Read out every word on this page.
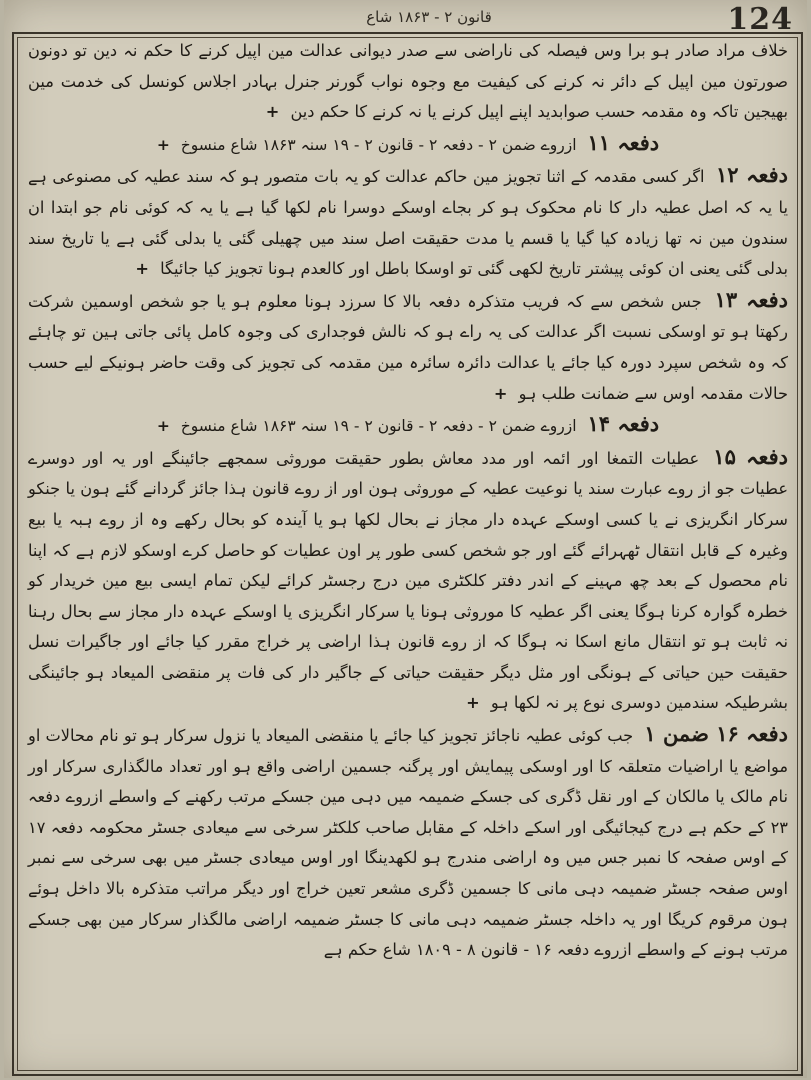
124
قانون ۲ - ۱۸۶۳ شاع

خلاف مراد صادر ہو برا وس فیصلہ کی ناراضی سے صدر دیوانی عدالت مین اپیل کرنے کا حکم نہ دین تو دونون صورتون مین اپیل کے دائر نہ کرنے کی کیفیت مع وجوہ نواب گورنر جنرل بہادر اجلاس کونسل کی خدمت مین بھیجین تاکہ وہ مقدمہ حسب صوابدید اپنے اپیل کرنے یا نہ کرنے کا حکم دین +

دفعہ ۱۱ ازروے ضمن ۲ - دفعہ ۲ - قانون ۲ - ۱۹ سنہ ۱۸۶۳ شاع منسوخ +

دفعہ ۱۲ اگر کسی مقدمہ کے اثنا تجویز مین حاکم عدالت کو یہ بات متصور ہو کہ سند عطیہ کی مصنوعی ہے یا یہ کہ اصل عطیہ دار کا نام محکوک ہو کر بجاے اوسکے دوسرا نام لکھا گیا ہے یا یہ کہ کوئی نام جو ابتدا ان سندون مین نہ تھا زیادہ کیا گیا یا قسم یا مدت حقیقت اصل سند میں چھیلی گئی یا بدلی گئی ہے یا تاریخ سند بدلی گئی یعنی ان کوئی پیشتر تاریخ لکھی گئی تو اوسکا باطل اور کالعدم ہونا تجویز کیا جائیگا +

دفعہ ۱۳ جس شخص سے کہ فریب متذکرہ دفعہ بالا کا سرزد ہونا معلوم ہو یا جو شخص اوسمین شرکت رکھتا ہو تو اوسکی نسبت اگر عدالت کی یہ راے ہو کہ نالش فوجداری کی وجوہ کامل پائی جاتی ہین تو چاہئے کہ وہ شخص سپرد دورہ کیا جائے یا عدالت دائرہ سائرہ مین مقدمہ کی تجویز کی وقت حاضر ہونیکے لیے حسب حالات مقدمہ اوس سے ضمانت طلب ہو +

دفعہ ۱۴ ازروے ضمن ۲ - دفعہ ۲ - قانون ۲ - ۱۹ سنہ ۱۸۶۳ شاع منسوخ +

دفعہ ۱۵ عطیات التمغا اور ائمہ اور مدد معاش بطور حقیقت موروثی سمجھے جائینگے اور یہ اور دوسرے عطیات جو از روے عبارت سند یا نوعیت عطیہ کے موروثی ہون اور از روے قانون ہذا جائز گردانے گئے ہون یا جنکو سرکار انگریزی نے یا کسی اوسکے عہدہ دار مجاز نے بحال لکھا ہو یا آیندہ کو بحال رکھے وہ از روے ہبہ یا بیع وغیرہ کے قابل انتقال ٹھہرائے گئے اور جو شخص کسی طور پر اون عطیات کو حاصل کرے اوسکو لازم ہے کہ اپنا نام محصول کے بعد چھ مہینے کے اندر دفتر کلکٹری مین درج رجسٹر کرائے لیکن تمام ایسی بیع مین خریدار کو خطرہ گوارہ کرنا ہوگا یعنی اگر عطیہ کا موروثی ہونا یا سرکار انگریزی یا اوسکے عہدہ دار مجاز سے بحال رہنا نہ ثابت ہو تو انتقال مانع اسکا نہ ہوگا کہ از روے قانون ہذا اراضی پر خراج مقرر کیا جائے اور جاگیرات نسل حقیقت حین حیاتی کے ہونگی اور مثل دیگر حقیقت حیاتی کے جاگیر دار کی فات پر منقضی المیعاد ہو جائینگی بشرطیکہ سندمین دوسری نوع پر نہ لکھا ہو +

دفعہ ۱۶ ضمن ۱ جب کوئی عطیہ ناجائز تجویز کیا جائے یا منقضی المیعاد یا نزول سرکار ہو تو نام محالات او مواضع یا اراضیات متعلقہ کا اور اوسکی پیمایش اور پرگنہ جسمین اراضی واقع ہو اور تعداد مالگذاری سرکار اور نام مالک یا مالکان کے اور نقل ڈگری کی جسکے ضمیمہ میں دہی مین جسکے مرتب رکھنے کے واسطے ازروے دفعہ ۲۳ کے حکم ہے درج کیجائیگی اور اسکے داخلہ کے مقابل صاحب کلکٹر سرخی سے میعادی جسٹر محکومہ دفعہ ۱۷ کے اوس صفحہ کا نمبر جس میں وہ اراضی مندرج ہو لکھدینگا اور اوس میعادی جسٹر میں بھی سرخی سے نمبر اوس صفحہ جسٹر ضمیمہ دہی مانی کا جسمین ڈگری مشعر تعین خراج اور دیگر مراتب متذکرہ بالا داخل ہوئے ہون مرقوم کریگا اور یہ داخلہ جسٹر ضمیمہ دہی مانی کا جسٹر ضمیمہ اراضی مالگذار سرکار مین بھی جسکے مرتب ہونے کے واسطے ازروے دفعہ ۱۶ - قانون ۸ - ۱۸۰۹ شاع حکم ہے
